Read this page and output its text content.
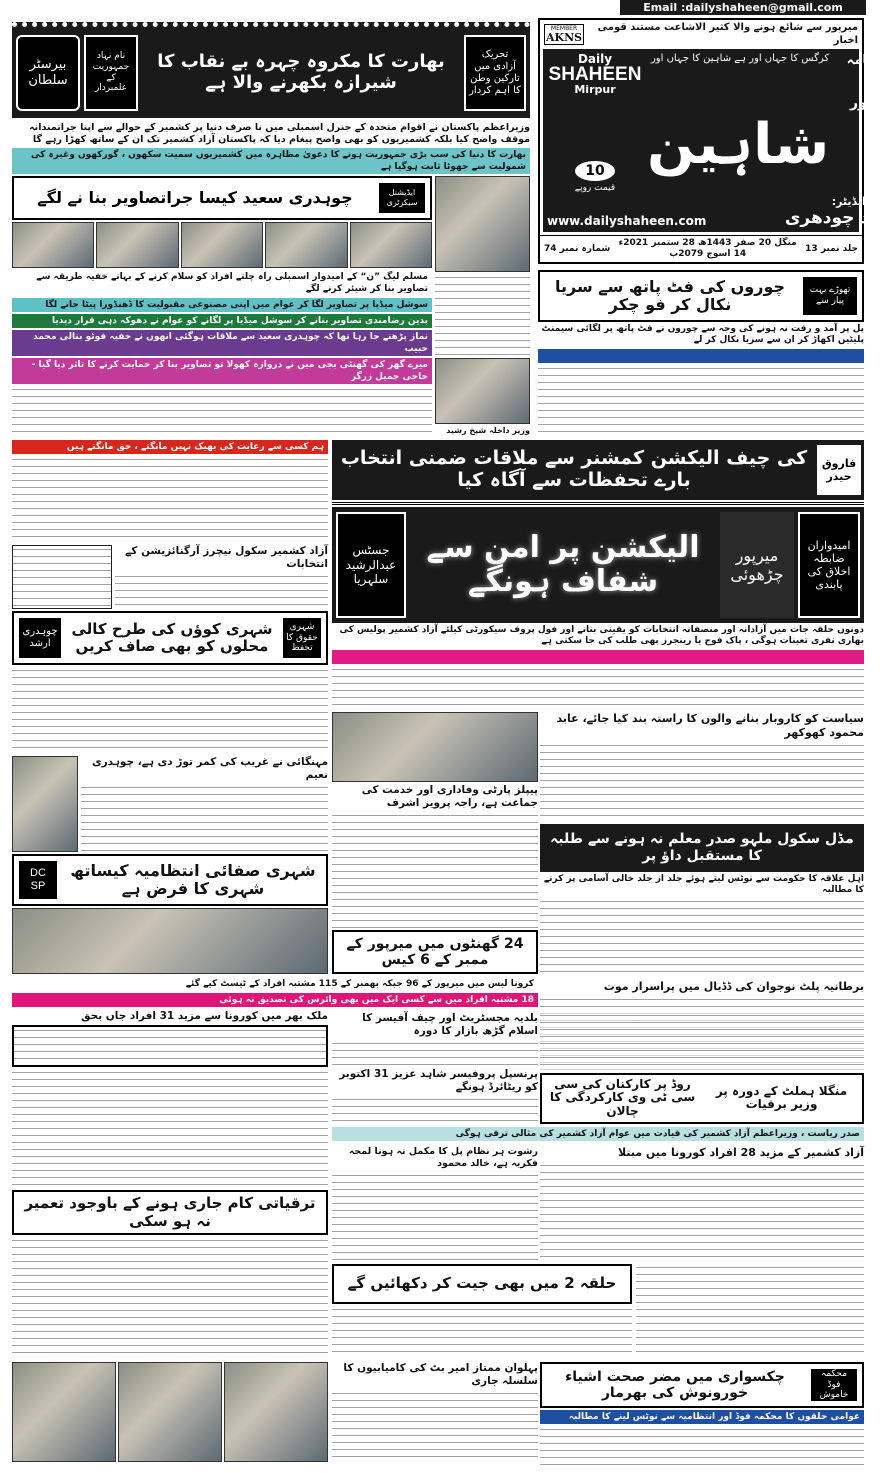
Email :dailyshaheen@gmail.com
MEMBER
AKNS
میرپور سے شائع ہونے والا کثیر الاشاعت مستند قومی اخبار
Daily
SHAHEEN
Mirpur
کرگس کا جہاں اور ہے شاہین کا جہاں اور	روزنامہ
10
قیمت روپے
شاہین
میرپور
www.dailyshaheen.com
چیف ایڈیٹر:
خالد چودھری
جلد نمبر 13
منگل 20 صفر 1443ھ 28 ستمبر 2021ء 14 اسوج 2079ب
شمارہ نمبر 74
تحریک آزادی میں تارکین وطن کا اہم کردار
بھارت کا مکروہ چہرہ بے نقاب کا شیرازہ بکھرنے والا ہے
نام نہاد جمہوریت کے علمبردار
بیرسٹر سلطان
وزیراعظم پاکستان نے اقوام متحدہ کے جنرل اسمبلی میں نا صرف دنیا پر کشمیر کے حوالے سے اپنا جراتمندانہ موقف واضح کیا بلکہ کشمیریوں کو بھی واضح پیغام دیا کہ پاکستان آزاد کشمیر تک ان کے ساتھ کھڑا رہے گا
بھارت کا دنیا کی سب بڑی جمہوریت ہونے کا دعویٰ مظاہرہ میں کشمیریوں سمیت سکھوں ، گورکھوں وغیرہ کی شمولیت سے جھوٹا ثابت ہوگیا ہے
ایڈیشنل سیکرٹری
چوہدری سعید کیسا جراتصاویر بنا نے لگے
مسلم لیگ ”ن“ کے امیدوار اسمبلی راہ چلتے افراد کو سلام کرنے کے بہانے خفیہ طریقہ سے تصاویر بنا کر شیئر کرنے لگے
سوشل میڈیا پر تصاویر لگا کر عوام میں اپنی مصنوعی مقبولیت کا ڈھنڈورا پیٹا جانے لگا
بدین رضامندی تصاویر بنانے کر سوشل میڈیا پر لگانے کو عوام نے دھوکہ دہی قرار دیدیا
نماز پڑھنے جا رہا تھا کہ چوہدری سعید سے ملاقات ہوگئی انھوں نے خفیہ فوٹو بنالی محمد حبیب
میرے گھر کی گھنٹی بجی میں نے دروازہ کھولا تو تصاویر بنا کر حمایت کرنے کا تاثر دیا گیا - حاجی جمیل زرگر
وزیر داخلہ شیخ رشید
تھوڑے بہت پیار سے
چوروں کی فٹ پاتھ سے سریا نکال کر فو چکر
پل پر آمد و رفت نہ ہونے کی وجہ سے چوروں نے فٹ پاتھ پر لگائی سیمنٹ پلیٹیں اکھاڑ کر ان سے سریا نکال کر لے
فاروق حیدر
کی چیف الیکشن کمشنر سے ملاقات ضمنی انتخاب بارے تحفظات سے آگاہ کیا
امیدواران ضابطہ اخلاق کی پابندی
میرپور چڑھوئی
الیکشن پر امن سے شفاف ہونگے
جسٹس عبدالرشید سلہریا
دونوں حلقہ جات میں آزادانہ اور منصفانہ انتخابات کو یقینی بنانے اور فول پروف سیکورٹی کیلئے آزاد کشمیر پولیس کی بھاری نفری تعینات ہوگی ، پاک فوج یا رینجرز بھی طلب کی جا سکتی ہے
ہم کسی سے رعایت کی بھیک نہیں مانگتے ، حق مانگتے ہیں
آزاد کشمیر سکول نیچرز آرگنائزیشن کے انتخابات
شہری حقوق کا تحفظ
شہری کوؤں کی طرح کالی محلوں کو بھی صاف کریں
چوہدری ارشد
مہنگائی نے غریب کی کمر توڑ دی ہے، چوہدری نعیم
شہری صفائی انتظامیہ کیساتھ شہری کا فرض ہے
DC SP
پیپلز پارٹی وفاداری اور خدمت کی جماعت ہے، راجہ پرویز اشرف
24 گھنٹوں میں میرپور کے ممبر کے 6 کیس
سیاست کو کاروبار بنانے والوں کا راستہ بند کیا جائے، عابد محمود کھوکھر
مڈل سکول ملہو صدر معلم نہ ہونے سے طلبہ کا مستقبل داؤ پر
اہل علاقہ کا حکومت سے نوٹس لیتے ہوئے جلد از جلد خالی آسامی پر کرنے کا مطالبہ
برطانیہ پلٹ نوجوان کی ڈڈیال میں پراسرار موت
کرونا لیس میں میرپور کے 96 جبکہ بھمبر کے 115 مشتبہ افراد کے ٹیسٹ کیے گئے
18 مشتبہ افراد میں سے کسی ایک میں بھی وائرس کی تصدیق نہ ہوئی
ملک بھر میں کورونا سے مزید 31 افراد جاں بحق
ترقیاتی کام جاری ہونے کے باوجود تعمیر نہ ہو سکی
بلدیہ مجسٹریٹ اور چیف آفیسر کا اسلام گڑھ بازار کا دورہ
پرنسپل پروفیسر شاہد عزیز 31 اکتوبر کو ریٹائرڈ ہونگے	منگلا ہملٹ کے دورہ پر وزیر برقیات
روڈ پر کارکنان کی سی سی ٹی وی کارکردگی کا چالان
صدر ریاست ، وزیراعظم آزاد کشمیر کی قیادت میں عوام آزاد کشمیر کی مثالی ترقی ہوگی
رشوت ہر نظام پل کا مکمل نہ ہونا لمحہ فکریہ ہے، خالد محمود
آزاد کشمیر کے مزید 28 افراد کورونا میں مبتلا
حلقہ 2 میں بھی جیت کر دکھائیں گے
پہلوان ممتاز امیر بٹ کی کامیابیوں کا سلسلہ جاری
محکمہ فوڈ خاموش
چکسواری میں مضر صحت اشیاء خورونوش کی بھرمار
عوامی حلقوں کا محکمہ فوڈ اور انتظامیہ سے نوٹس لینے کا مطالبہ
